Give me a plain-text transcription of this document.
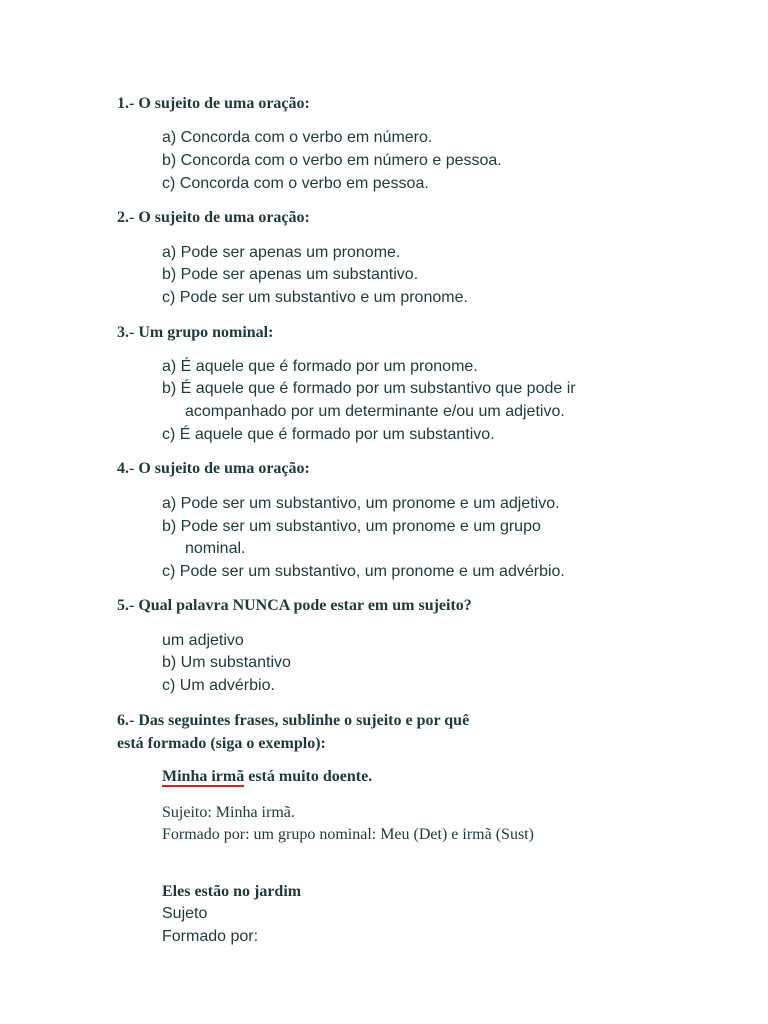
1.- O sujeito de uma oração:
a) Concorda com o verbo em número.
b) Concorda com o verbo em número e pessoa.
c) Concorda com o verbo em pessoa.
2.- O sujeito de uma oração:
a) Pode ser apenas um pronome.
b) Pode ser apenas um substantivo.
c) Pode ser um substantivo e um pronome.
3.- Um grupo nominal:
a) É aquele que é formado por um pronome.
b) É aquele que é formado por um substantivo que pode ir
acompanhado por um determinante e/ou um adjetivo.
c) É aquele que é formado por um substantivo.
4.- O sujeito de uma oração:
a) Pode ser um substantivo, um pronome e um adjetivo.
b) Pode ser um substantivo, um pronome e um grupo
nominal.
c) Pode ser um substantivo, um pronome e um advérbio.
5.- Qual palavra NUNCA pode estar em um sujeito?
um adjetivo
b) Um substantivo
c) Um advérbio.
6.- Das seguintes frases, sublinhe o sujeito e por quê
está formado (siga o exemplo):
Minha irmã está muito doente.
Sujeito: Minha irmã.
Formado por: um grupo nominal: Meu (Det) e irmã (Sust)
Eles estão no jardim
Sujeto
Formado por:
